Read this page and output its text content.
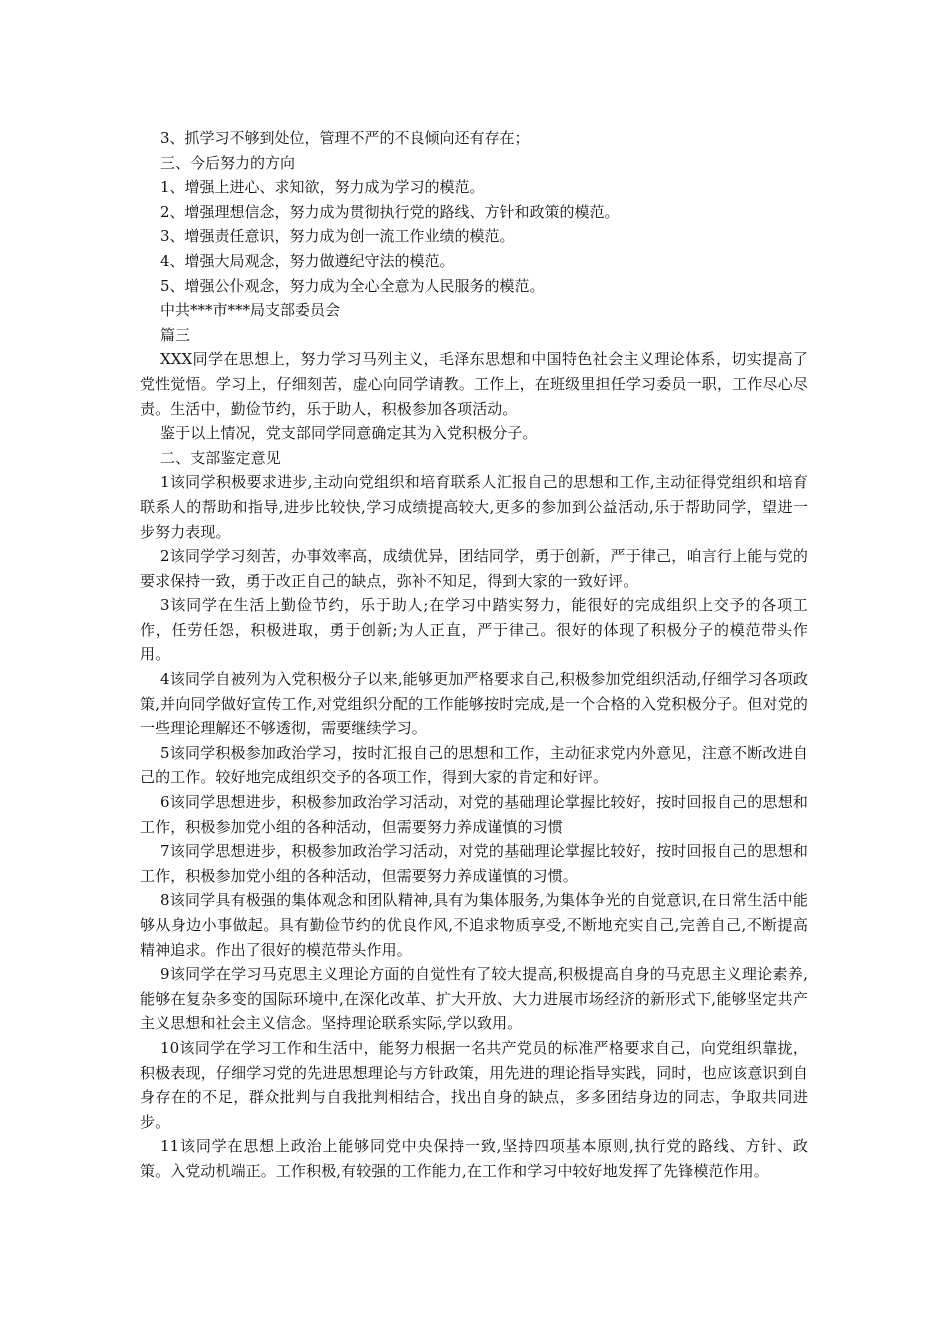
3、抓学习不够到处位，管理不严的不良倾向还有存在；

三、今后努力的方向

1、增强上进心、求知欲，努力成为学习的模范。

2、增强理想信念，努力成为贯彻执行党的路线、方针和政策的模范。

3、增强责任意识，努力成为创一流工作业绩的模范。

4、增强大局观念，努力做遵纪守法的模范。

5、增强公仆观念，努力成为全心全意为人民服务的模范。

中共***市***局支部委员会

篇三

XXX同学在思想上，努力学习马列主义，毛泽东思想和中国特色社会主义理论体系，切实提高了党性觉悟。学习上，仔细刻苦，虚心向同学请教。工作上，在班级里担任学习委员一职，工作尽心尽责。生活中，勤俭节约，乐于助人，积极参加各项活动。

鉴于以上情况，党支部同学同意确定其为入党积极分子。

二、支部鉴定意见

1该同学积极要求进步,主动向党组织和培育联系人汇报自己的思想和工作,主动征得党组织和培育联系人的帮助和指导,进步比较快,学习成绩提高较大,更多的参加到公益活动,乐于帮助同学，望进一步努力表现。

2该同学学习刻苦，办事效率高，成绩优异，团结同学，勇于创新，严于律己，咱言行上能与党的要求保持一致，勇于改正自己的缺点，弥补不知足，得到大家的一致好评。

3该同学在生活上勤俭节约，乐于助人;在学习中踏实努力，能很好的完成组织上交予的各项工作，任劳任怨，积极进取，勇于创新;为人正直，严于律己。很好的体现了积极分子的模范带头作用。

4该同学自被列为入党积极分子以来,能够更加严格要求自己,积极参加党组织活动,仔细学习各项政策,并向同学做好宣传工作,对党组织分配的工作能够按时完成,是一个合格的入党积极分子。但对党的一些理论理解还不够透彻，需要继续学习。

5该同学积极参加政治学习，按时汇报自己的思想和工作，主动征求党内外意见，注意不断改进自己的工作。较好地完成组织交予的各项工作，得到大家的肯定和好评。

6该同学思想进步，积极参加政治学习活动，对党的基础理论掌握比较好，按时回报自己的思想和工作，积极参加党小组的各种活动，但需要努力养成谨慎的习惯

7该同学思想进步，积极参加政治学习活动，对党的基础理论掌握比较好，按时回报自己的思想和工作，积极参加党小组的各种活动，但需要努力养成谨慎的习惯。

8该同学具有极强的集体观念和团队精神,具有为集体服务,为集体争光的自觉意识,在日常生活中能够从身边小事做起。具有勤俭节约的优良作风,不追求物质享受,不断地充实自己,完善自己,不断提高精神追求。作出了很好的模范带头作用。

9该同学在学习马克思主义理论方面的自觉性有了较大提高,积极提高自身的马克思主义理论素养,能够在复杂多变的国际环境中,在深化改革、扩大开放、大力进展市场经济的新形式下,能够坚定共产主义思想和社会主义信念。坚持理论联系实际,学以致用。

10该同学在学习工作和生活中，能努力根据一名共产党员的标准严格要求自己，向党组织靠拢，积极表现，仔细学习党的先进思想理论与方针政策，用先进的理论指导实践，同时，也应该意识到自身存在的不足，群众批判与自我批判相结合，找出自身的缺点，多多团结身边的同志，争取共同进步。

11该同学在思想上政治上能够同党中央保持一致,坚持四项基本原则,执行党的路线、方针、政策。入党动机端正。工作积极,有较强的工作能力,在工作和学习中较好地发挥了先锋模范作用。
